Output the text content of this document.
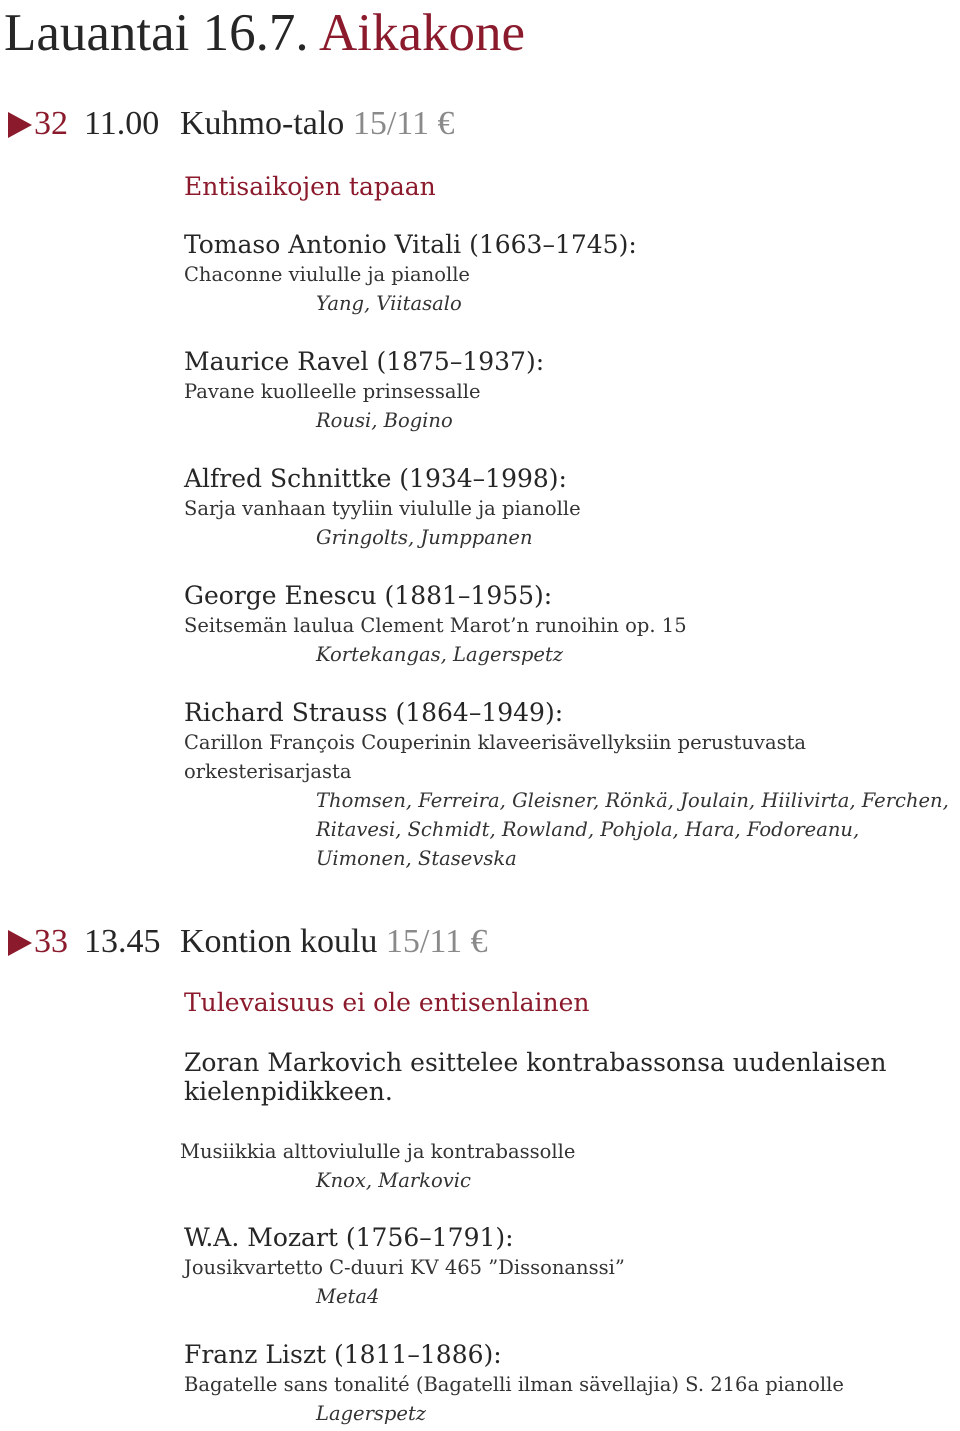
Lauantai 16.7. Aikakone
32 11.00 Kuhmo-talo 15/11 €
Entisaikojen tapaan
Tomaso Antonio Vitali (1663–1745):
Chaconne viululle ja pianolle
Yang, Viitasalo
Maurice Ravel (1875–1937):
Pavane kuolleelle prinsessalle
Rousi, Bogino
Alfred Schnittke (1934–1998):
Sarja vanhaan tyyliin viululle ja pianolle
Gringolts, Jumppanen
George Enescu (1881–1955):
Seitsemän laulua Clement Marot’n runoihin op. 15
Kortekangas, Lagerspetz
Richard Strauss (1864–1949):
Carillon François Couperinin klaveerisävellyksiin perustuvasta orkesterisarjasta
Thomsen, Ferreira, Gleisner, Rönkä, Joulain, Hiilivirta, Ferchen, Ritavesi, Schmidt, Rowland, Pohjola, Hara, Fodoreanu, Uimonen, Stasevska
33 13.45 Kontion koulu 15/11 €
Tulevaisuus ei ole entisenlainen
Zoran Markovich esittelee kontrabassonsa uudenlaisen kielenpidikkeen.
Musiikkia alttoviululle ja kontrabassolle
Knox, Markovic
W.A. Mozart (1756–1791):
Jousikvartetto C-duuri KV 465 ”Dissonanssi”
Meta4
Franz Liszt (1811–1886):
Bagatelle sans tonalité (Bagatelli ilman sävellajia) S. 216a pianolle
Lagerspetz
